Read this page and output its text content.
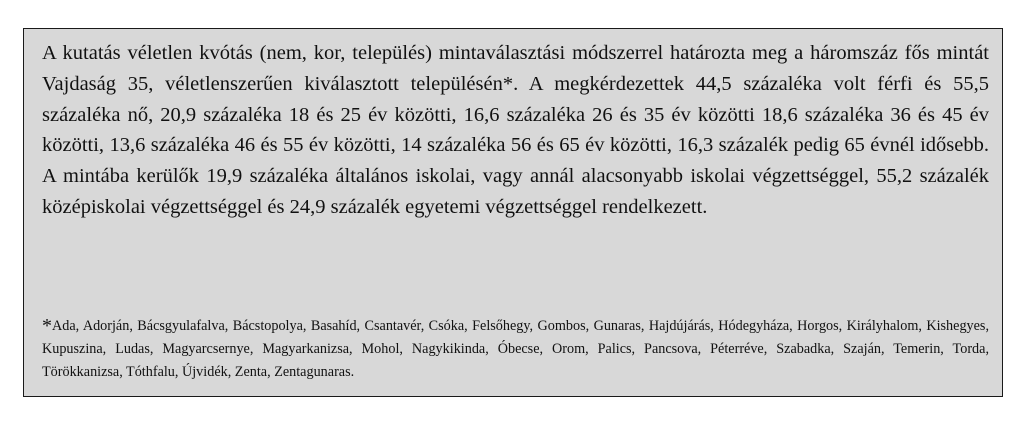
A kutatás véletlen kvótás (nem, kor, település) mintaválasztási módszerrel határozta meg a háromszáz fős mintát Vajdaság 35, véletlenszerűen kiválasztott településén*. A megkérdezettek 44,5 százaléka volt férfi és 55,5 százaléka nő, 20,9 százaléka 18 és 25 év közötti, 16,6 százaléka 26 és 35 év közötti 18,6 százaléka 36 és 45 év közötti, 13,6 százaléka 46 és 55 év közötti, 14 százaléka 56 és 65 év közötti, 16,3 százalék pedig 65 évnél idősebb. A mintába kerülők 19,9 százaléka általános iskolai, vagy annál alacsonyabb iskolai végzettséggel, 55,2 százalék középiskolai végzettséggel és 24,9 százalék egyetemi végzettséggel rendelkezett.

*Ada, Adorján, Bácsgyulafalva, Bácstopolya, Basahíd, Csantavér, Csóka, Felsőhegy, Gombos, Gunaras, Hajdújárás, Hódegyháza, Horgos, Királyhalom, Kishegyes, Kupuszina, Ludas, Magyarcsernye, Magyarkanizsa, Mohol, Nagykikinda, Óbecse, Orom, Palics, Pancsova, Péterréve, Szabadka, Szaján, Temerin, Torda, Törökkanizsa, Tóthfalu, Újvidék, Zenta, Zentagunaras.
